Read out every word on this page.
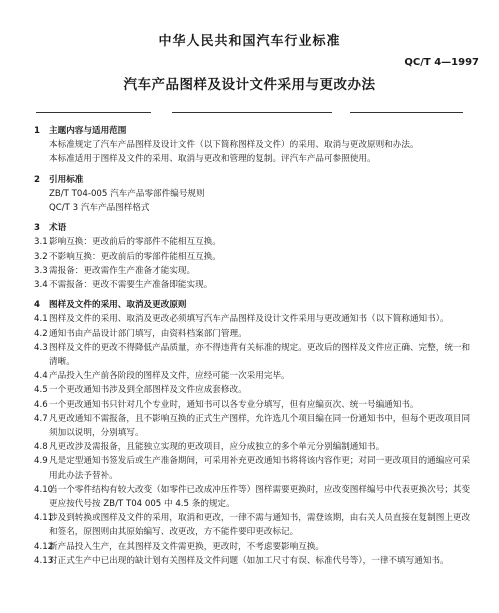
中华人民共和国汽车行业标准
QC/T 4—1997
汽车产品图样及设计文件采用与更改办法
1 主题内容与适用范围
本标准规定了汽车产品图样及设计文件（以下简称图样及文件）的采用、取消与更改原则和办法。
本标准适用于图样及文件的采用、取消与更改和管理的复制。评汽车产品可参照使用。
2 引用标准
ZB/T T04-005 汽车产品零部件编号规则
QC/T 3 汽车产品图样格式
3 术语
3.1 影响互换：更改前后的零部件不能相互互换。
3.2 不影响互换：更改前后的零部件能相互互换。
3.3 需报备：更改需作生产准备才能实现。
3.4 不需报备：更改不需要生产准备即能实现。
4 图样及文件的采用、取消及更改原则
4.1 图样及文件的采用、取消及更改必须填写汽车产品图样及设计文件采用与更改通知书（以下简称通知书）。
4.2 通知书由产品设计部门填写，由资料档案部门管理。
4.3 图样及文件的更改不得降低产品质量，亦不得违背有关标准的规定。更改后的图样及文件应正确、完整，统一和清晰。
4.4 产品投入生产前各阶段的图样及文件，应经可能一次采用完毕。
4.5 一个更改通知书涉及到全部图样及文件应成套修改。
4.6 一个更改通知书只针对几个专业时，通知书可以各专业分填写，但有应编页次、统一号编通知书。
4.7 凡更改通知不需报备，且不影响互换的正式生产图样，允许选几个项目编在同一份通知书中，但每个更改项目同须加以说明，分别填写。
4.8 凡更改涉及需报备，且能独立实现的更改项目，应分成独立的多个单元分别编制通知书。
4.9 凡是定型通知书签发后或生产准备期间，可采用补充更改通知书将将该内容作更；对同一更改项目的通编应可采用此办法予替补。
4.10
当一个零件结构有较大改变（如零件已改成冲压件等）图样需要更换时，应改变图样编号中代表更换次号；其变更应按代号按 ZB/T T04 005 中 4.5 条的规定。
4.11
涉及到转换或图样及文件的采用，取消和更改，一律不需与通知书，需登该期，由右关人员直接在复制图上更改和签名，原图则由其原始编写、改更改，方不能件要印更改标记。
4.12
新产品投入生产，在其图样及文件需更换，更改时，不考虑要影响互换。
4.13
对正式生产中已出现的缺计划有关图样及文件问题（如加工尺寸有误、标准代号等），一律不填写通知书。
